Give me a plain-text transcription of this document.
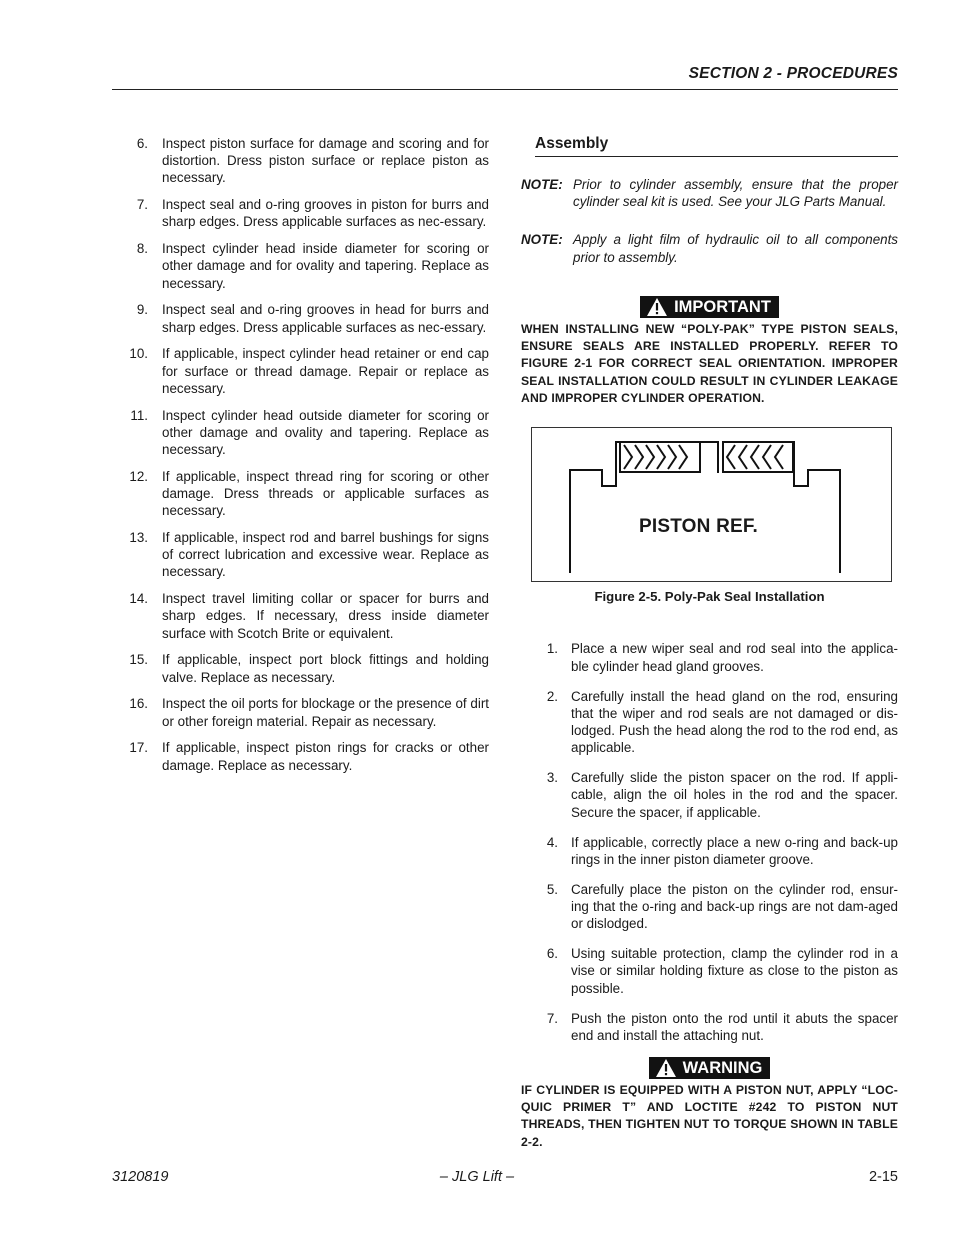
SECTION 2 - PROCEDURES
6. Inspect piston surface for damage and scoring and for distortion. Dress piston surface or replace piston as necessary.
7. Inspect seal and o-ring grooves in piston for burrs and sharp edges. Dress applicable surfaces as nec-essary.
8. Inspect cylinder head inside diameter for scoring or other damage and for ovality and tapering. Replace as necessary.
9. Inspect seal and o-ring grooves in head for burrs and sharp edges. Dress applicable surfaces as nec-essary.
10. If applicable, inspect cylinder head retainer or end cap for surface or thread damage. Repair or replace as necessary.
11. Inspect cylinder head outside diameter for scoring or other damage and ovality and tapering. Replace as necessary.
12. If applicable, inspect thread ring for scoring or other damage. Dress threads or applicable surfaces as necessary.
13. If applicable, inspect rod and barrel bushings for signs of correct lubrication and excessive wear. Replace as necessary.
14. Inspect travel limiting collar or spacer for burrs and sharp edges. If necessary, dress inside diameter surface with Scotch Brite or equivalent.
15. If applicable, inspect port block fittings and holding valve. Replace as necessary.
16. Inspect the oil ports for blockage or the presence of dirt or other foreign material. Repair as necessary.
17. If applicable, inspect piston rings for cracks or other damage. Replace as necessary.
Assembly
NOTE: Prior to cylinder assembly, ensure that the proper cylinder seal kit is used. See your JLG Parts Manual.
NOTE: Apply a light film of hydraulic oil to all components prior to assembly.
IMPORTANT
WHEN INSTALLING NEW “POLY-PAK” TYPE PISTON SEALS, ENSURE SEALS ARE INSTALLED PROPERLY. REFER TO FIGURE 2-1 FOR CORRECT SEAL ORIENTATION. IMPROPER SEAL INSTALLATION COULD RESULT IN CYLINDER LEAKAGE AND IMPROPER CYLINDER OPERATION.
PISTON REF.
Figure 2-5. Poly-Pak Seal Installation
1. Place a new wiper seal and rod seal into the applica-ble cylinder head gland grooves.
2. Carefully install the head gland on the rod, ensuring that the wiper and rod seals are not damaged or dis-lodged. Push the head along the rod to the rod end, as applicable.
3. Carefully slide the piston spacer on the rod. If appli-cable, align the oil holes in the rod and the spacer. Secure the spacer, if applicable.
4. If applicable, correctly place a new o-ring and back-up rings in the inner piston diameter groove.
5. Carefully place the piston on the cylinder rod, ensur-ing that the o-ring and back-up rings are not dam-aged or dislodged.
6. Using suitable protection, clamp the cylinder rod in a vise or similar holding fixture as close to the piston as possible.
7. Push the piston onto the rod until it abuts the spacer end and install the attaching nut.
WARNING
IF CYLINDER IS EQUIPPED WITH A PISTON NUT, APPLY “LOC-QUIC PRIMER T” AND LOCTITE #242 TO PISTON NUT THREADS, THEN TIGHTEN NUT TO TORQUE SHOWN IN TABLE 2-2.
– JLG Lift –
3120819	2-15
